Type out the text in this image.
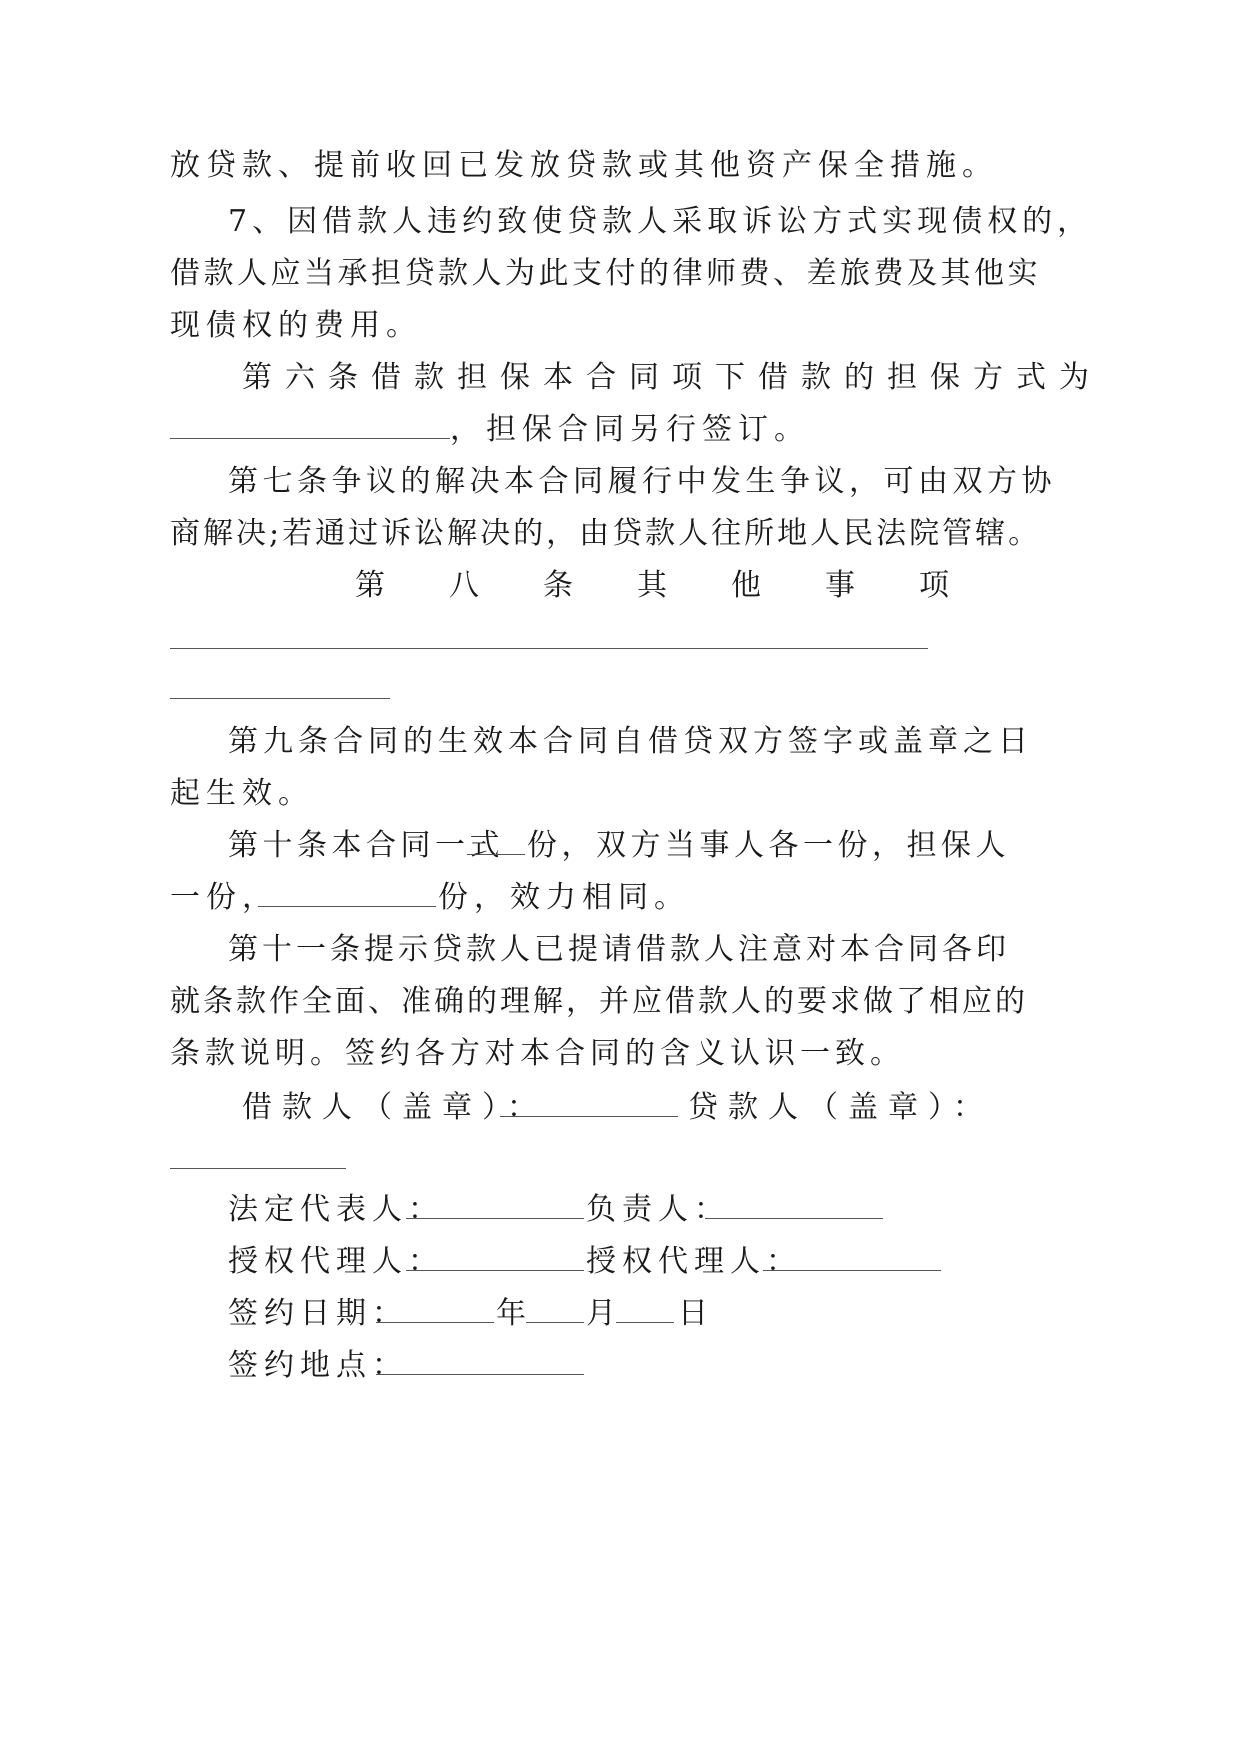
放贷款、提前收回已发放贷款或其他资产保全措施。
7、因借款人违约致使贷款人采取诉讼方式实现债权的，
借款人应当承担贷款人为此支付的律师费、差旅费及其他实
现债权的费用。
第六条借款担保本合同项下借款的担保方式为
，担保合同另行签订。
第七条争议的解决本合同履行中发生争议，可由双方协
商解决;若通过诉讼解决的，由贷款人往所地人民法院管辖。
第八条其他事项
第九条合同的生效本合同自借贷双方签字或盖章之日
起生效。
第十条本合同一式 份，双方当事人各一份，担保人
一份，	份，效力相同。
第十一条提示贷款人已提请借款人注意对本合同各印
就条款作全面、准确的理解，并应借款人的要求做了相应的
条款说明。签约各方对本合同的含义认识一致。
借款人（盖章）：	贷款人（盖章）：
法定代表人：	负责人：
授权代理人：	授权代理人：
签约日期：	年 月 日
签约地点：
